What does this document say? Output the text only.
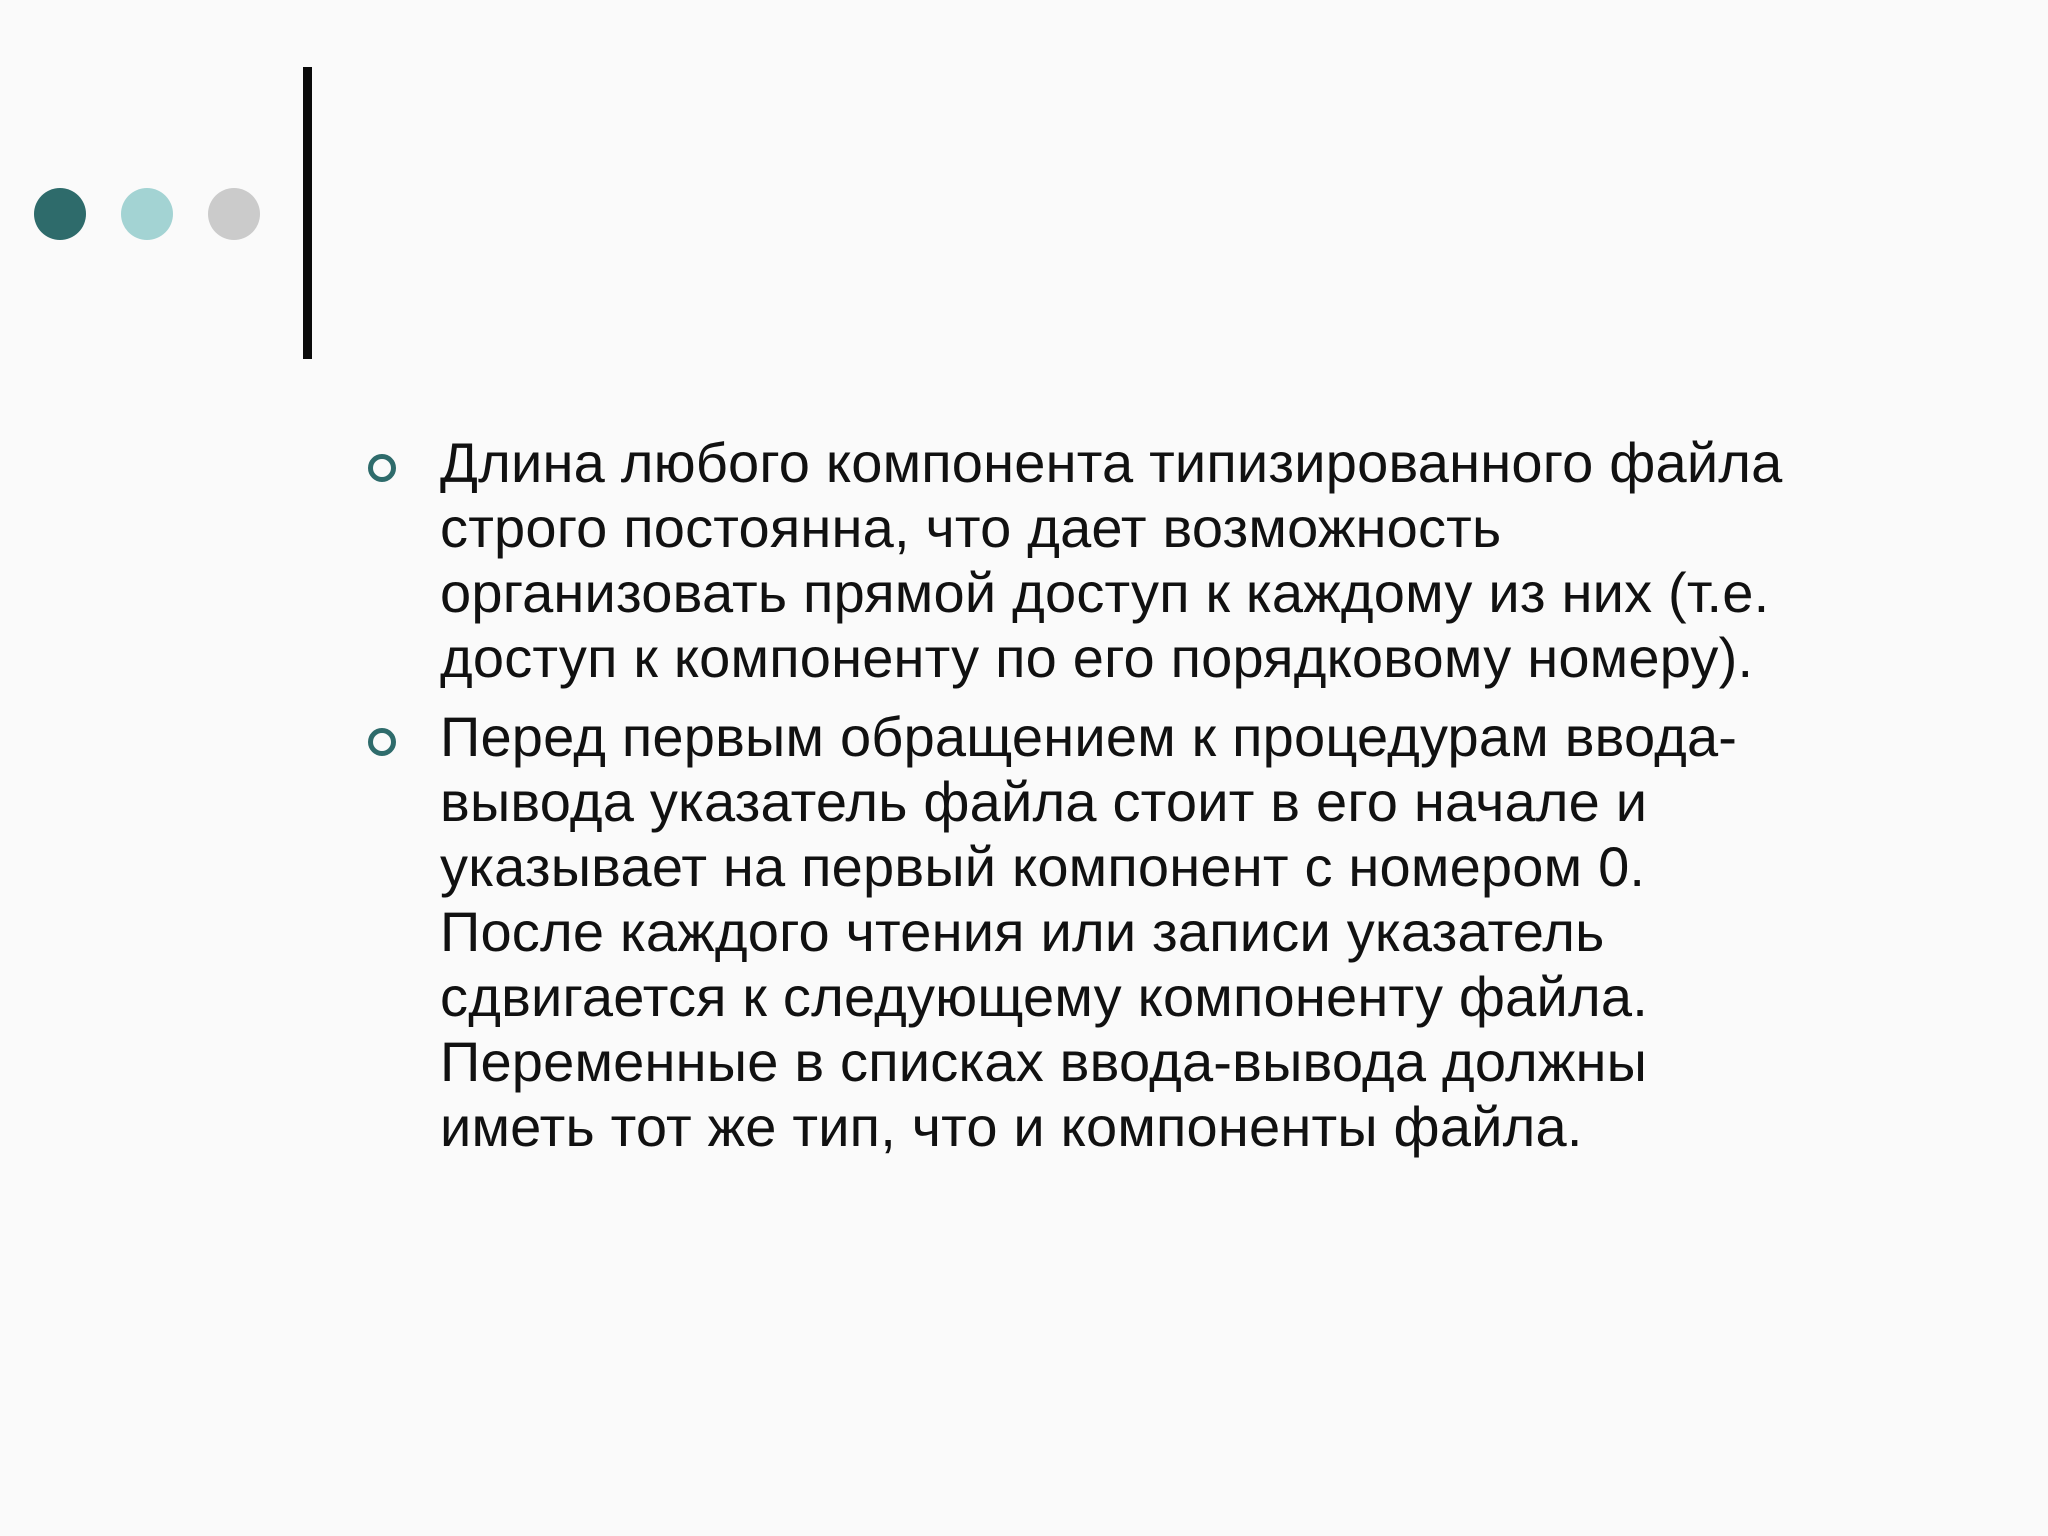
Длина любого компонента типизированного файла
строго постоянна, что дает возможность
организовать прямой доступ к каждому из них (т.е.
доступ к компоненту по его порядковому номеру).
Перед первым обращением к процедурам ввода-
вывода указатель файла стоит в его начале и
указывает на первый компонент с номером 0.
После каждого чтения или записи указатель
сдвигается к следующему компоненту файла.
Переменные в списках ввода-вывода должны
иметь тот же тип, что и компоненты файла.
